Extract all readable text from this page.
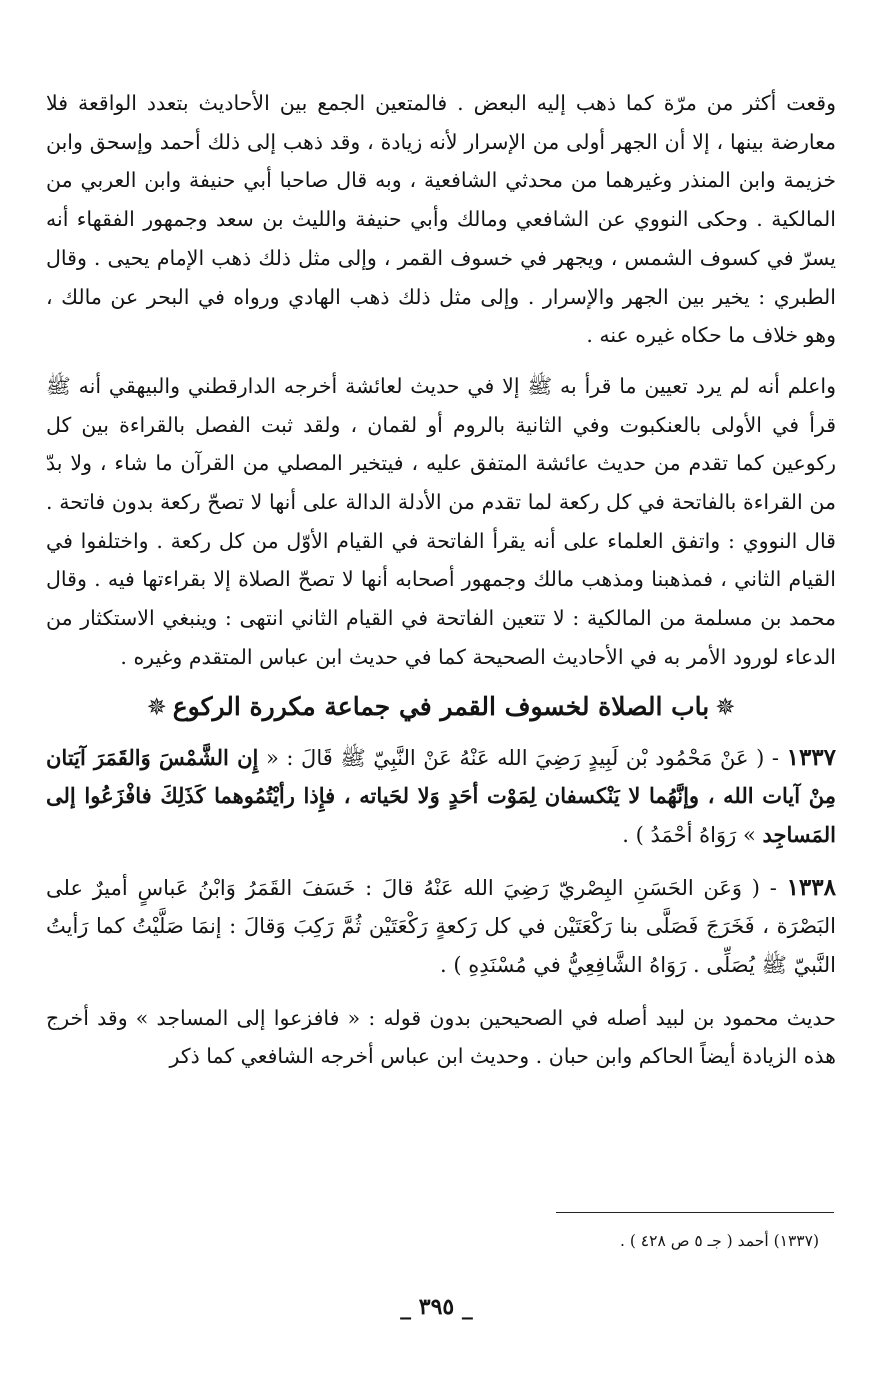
وقعت أكثر من مرّة كما ذهب إليه البعض . فالمتعين الجمع بين الأحاديث بتعدد الواقعة فلا معارضة بينها ، إلا أن الجهر أولى من الإسرار لأنه زيادة ، وقد ذهب إلى ذلك أحمد وإسحق وابن خزيمة وابن المنذر وغيرهما من محدثي الشافعية ، وبه قال صاحبا أبي حنيفة وابن العربي من المالكية . وحكى النووي عن الشافعي ومالك وأبي حنيفة والليث بن سعد وجمهور الفقهاء أنه يسرّ في كسوف الشمس ، ويجهر في خسوف القمر ، وإلى مثل ذلك ذهب الإمام يحيى . وقال الطبري : يخير بين الجهر والإسرار . وإلى مثل ذلك ذهب الهادي ورواه في البحر عن مالك ، وهو خلاف ما حكاه غيره عنه .

واعلم أنه لم يرد تعيين ما قرأ به ﷺ إلا في حديث لعائشة أخرجه الدارقطني والبيهقي أنه ﷺ قرأ في الأولى بالعنكبوت وفي الثانية بالروم أو لقمان ، ولقد ثبت الفصل بالقراءة بين كل ركوعين كما تقدم من حديث عائشة المتفق عليه ، فيتخير المصلي من القرآن ما شاء ، ولا بدّ من القراءة بالفاتحة في كل ركعة لما تقدم من الأدلة الدالة على أنها لا تصحّ ركعة بدون فاتحة . قال النووي : واتفق العلماء على أنه يقرأ الفاتحة في القيام الأوّل من كل ركعة . واختلفوا في القيام الثاني ، فمذهبنا ومذهب مالك وجمهور أصحابه أنها لا تصحّ الصلاة إلا بقراءتها فيه . وقال محمد بن مسلمة من المالكية : لا تتعين الفاتحة في القيام الثاني انتهى : وينبغي الاستكثار من الدعاء لورود الأمر به في الأحاديث الصحيحة كما في حديث ابن عباس المتقدم وغيره .

✵باب الصلاة لخسوف القمر في جماعة مكررة الركوع✵

١٣٣٧ - ( عَنْ مَحْمُود بْن لَبِيدٍ رَضِيَ الله عَنْهُ عَنْ النَّبِيّ ﷺ قَالَ : « إِن الشَّمْسَ وَالقَمَرَ آيَتان مِنْ آيات الله ، وإنَّهُما لا يَنْكسفان لِمَوْت أحَدٍ وَلا لحَياته ، فإِذا رأيْتُمُوهما كَذَلِكَ فافْزَعُوا إلى المَساجِد » رَوَاهُ أحْمَدُ ) .

١٣٣٨ - ( وَعَن الحَسَنِ البِصْريّ رَضِيَ الله عَنْهُ قالَ : خَسَفَ القَمَرُ وَابْنُ عَباسٍ أميرٌ على البَصْرَة ، فَخَرَجَ فَصَلَّى بنا رَكْعَتَيْن في كل رَكعةٍ رَكْعَتَيْن ثُمَّ رَكِبَ وَقالَ : إنمَا صَلَّيْتُ كما رَأيتُ النَّبيّ ﷺ يُصَلِّى . رَوَاهُ الشَّافِعِيُّ في مُسْنَدِهِ ) .

حديث محمود بن لبيد أصله في الصحيحين بدون قوله : « فافزعوا إلى المساجد » وقد أخرج هذه الزيادة أيضاً الحاكم وابن حبان . وحديث ابن عباس أخرجه الشافعي كما ذكر

(١٣٣٧) أحمد ( جـ ٥ ص ٤٢٨ ) .
_ ٣٩٥ _
